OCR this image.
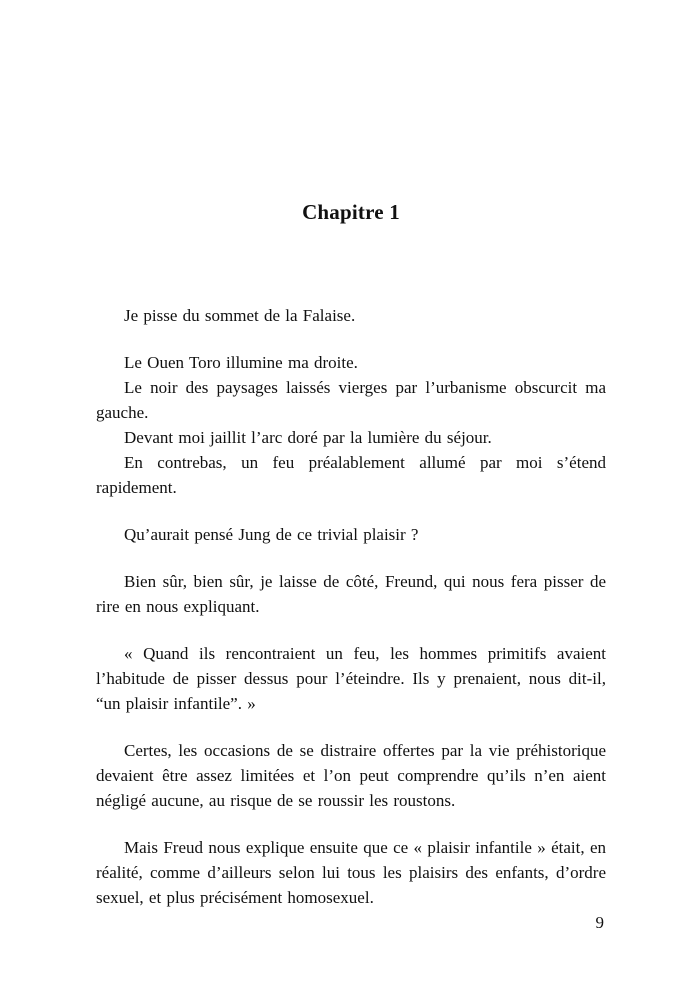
Chapitre 1

Je pisse du sommet de la Falaise.

Le Ouen Toro illumine ma droite.

Le noir des paysages laissés vierges par l’urbanisme obscurcit ma gauche.

Devant moi jaillit l’arc doré par la lumière du séjour.

En contrebas, un feu préalablement allumé par moi s’étend rapidement.

Qu’aurait pensé Jung de ce trivial plaisir ?

Bien sûr, bien sûr, je laisse de côté, Freund, qui nous fera pisser de rire en nous expliquant.

« Quand ils rencontraient un feu, les hommes primitifs avaient l’habitude de pisser dessus pour l’éteindre. Ils y prenaient, nous dit-il, “un plaisir infantile”. »

Certes, les occasions de se distraire offertes par la vie préhistorique devaient être assez limitées et l’on peut comprendre qu’ils n’en aient négligé aucune, au risque de se roussir les roustons.

Mais Freud nous explique ensuite que ce « plaisir infantile » était, en réalité, comme d’ailleurs selon lui tous les plaisirs des enfants, d’ordre sexuel, et plus précisément homosexuel.

9
